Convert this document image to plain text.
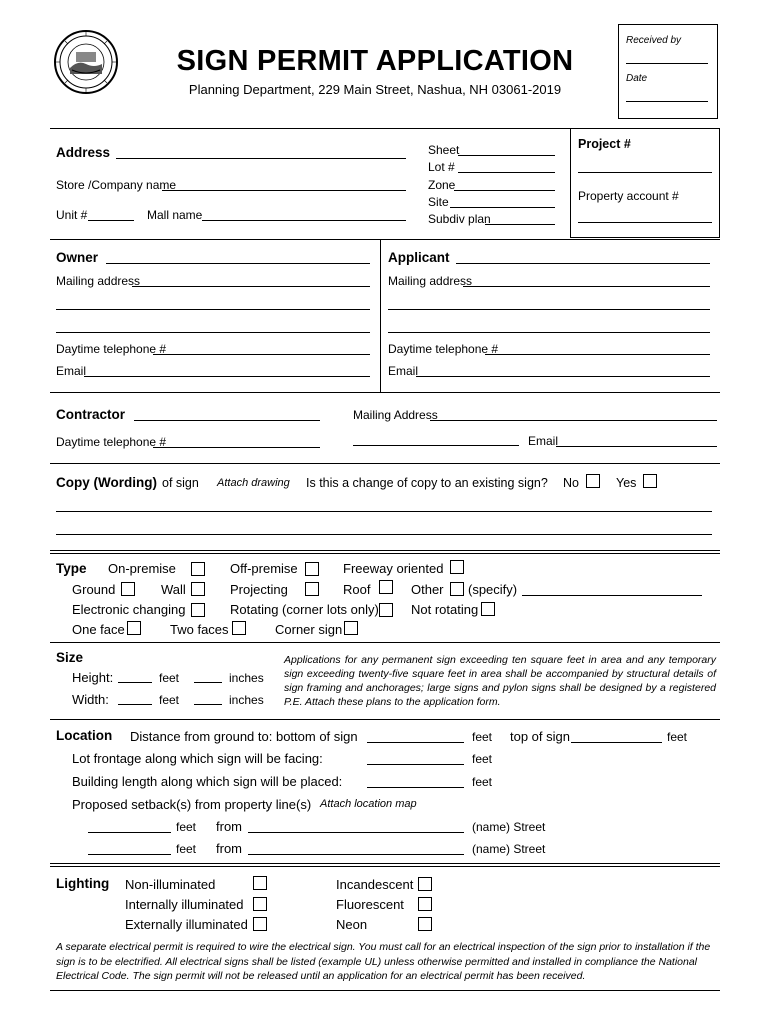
SIGN PERMIT APPLICATION
Planning Department, 229 Main Street, Nashua, NH 03061-2019
Received by
Date
Address
Store /Company name
Unit #	Mall name
Sheet
Lot #
Zone
Site
Subdiv plan
Project #
Property account #
Owner
Mailing address
Daytime telephone #
Email
Applicant
Mailing address
Daytime telephone #
Email
Contractor	Mailing Address
Daytime telephone #	Email
Copy (Wording) of sign Attach drawing Is this a change of copy to an existing sign? No	Yes
Type On-premise	Off-premise	Freeway oriented
Ground	Wall	Projecting	Roof	Other (specify)
Electronic changing	Rotating (corner lots only) Not rotating
One face	Two faces	Corner sign
Size
Height:	feet	inches
Width:	feet	inches
Applications for any permanent sign exceeding ten square feet in area and any temporary sign exceeding twenty-five square feet in area shall be accompanied by structural details of sign framing and anchorages; large signs and pylon signs shall be designed by a registered P.E. Attach these plans to the application form.
Location Distance from ground to: bottom of sign	feet top of sign	feet
Lot frontage along which sign will be facing:	feet
Building length along which sign will be placed:	feet
Proposed setback(s) from property line(s) Attach location map
feet from	(name) Street
feet from	(name) Street
Lighting Non-illuminated	Incandescent
Internally illuminated	Fluorescent
Externally illuminated	Neon
A separate electrical permit is required to wire the electrical sign. You must call for an electrical inspection of the sign prior to installation if the sign is to be electrified. All electrical signs shall be listed (example UL) unless otherwise permitted and installed in compliance the National Electrical Code. The sign permit will not be released until an application for an electrical permit has been received.
